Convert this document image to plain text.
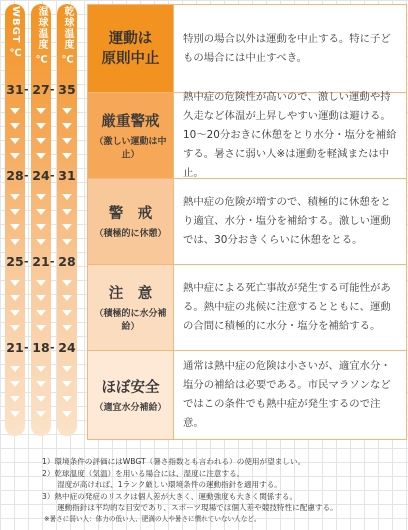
WBGT ℃	湿球温度 ℃	乾球温度 ℃
31
28
25
21
27
24
21
18
35
31
28
24
- -
- -
- -
- -
運動は
原則中止
特別の場合以外は運動を中止する。特に子どもの場合には中止すべき。
厳重警戒
（激しい運動は中止）
熱中症の危険性が高いので、激しい運動や持久走など体温が上昇しやすい運動は避ける。10～20分おきに休憩をとり水分・塩分を補給する。暑さに弱い人※は運動を軽減または中止。
警　戒
（積極的に休憩）
熱中症の危険が増すので、積極的に休憩をとり適宜、水分・塩分を補給する。激しい運動では、30分おきくらいに休憩をとる。
注　意
（積極的に水分補給）
熱中症による死亡事故が発生する可能性がある。熱中症の兆候に注意するとともに、運動の合間に積極的に水分・塩分を補給する。
ほぼ安全
（適宜水分補給）
通常は熱中症の危険は小さいが、適宜水分・塩分の補給は必要である。市民マラソンなどではこの条件でも熱中症が発生するので注意。
1）環境条件の評価にはWBGT（暑さ指数とも言われる）の使用が望ましい。
2）乾球温度（気温）を用いる場合には、湿度に注意する。
湿度が高ければ、1ランク厳しい環境条件の運動指針を適用する。
3）熱中症の発症のリスクは個人差が大きく、運動強度も大きく関係する。
運動指針は平均的な目安であり、スポーツ現場では個人差や競技特性に配慮する。
※暑さに弱い人：体力の低い人、肥満の人や暑さに慣れていない人など。
